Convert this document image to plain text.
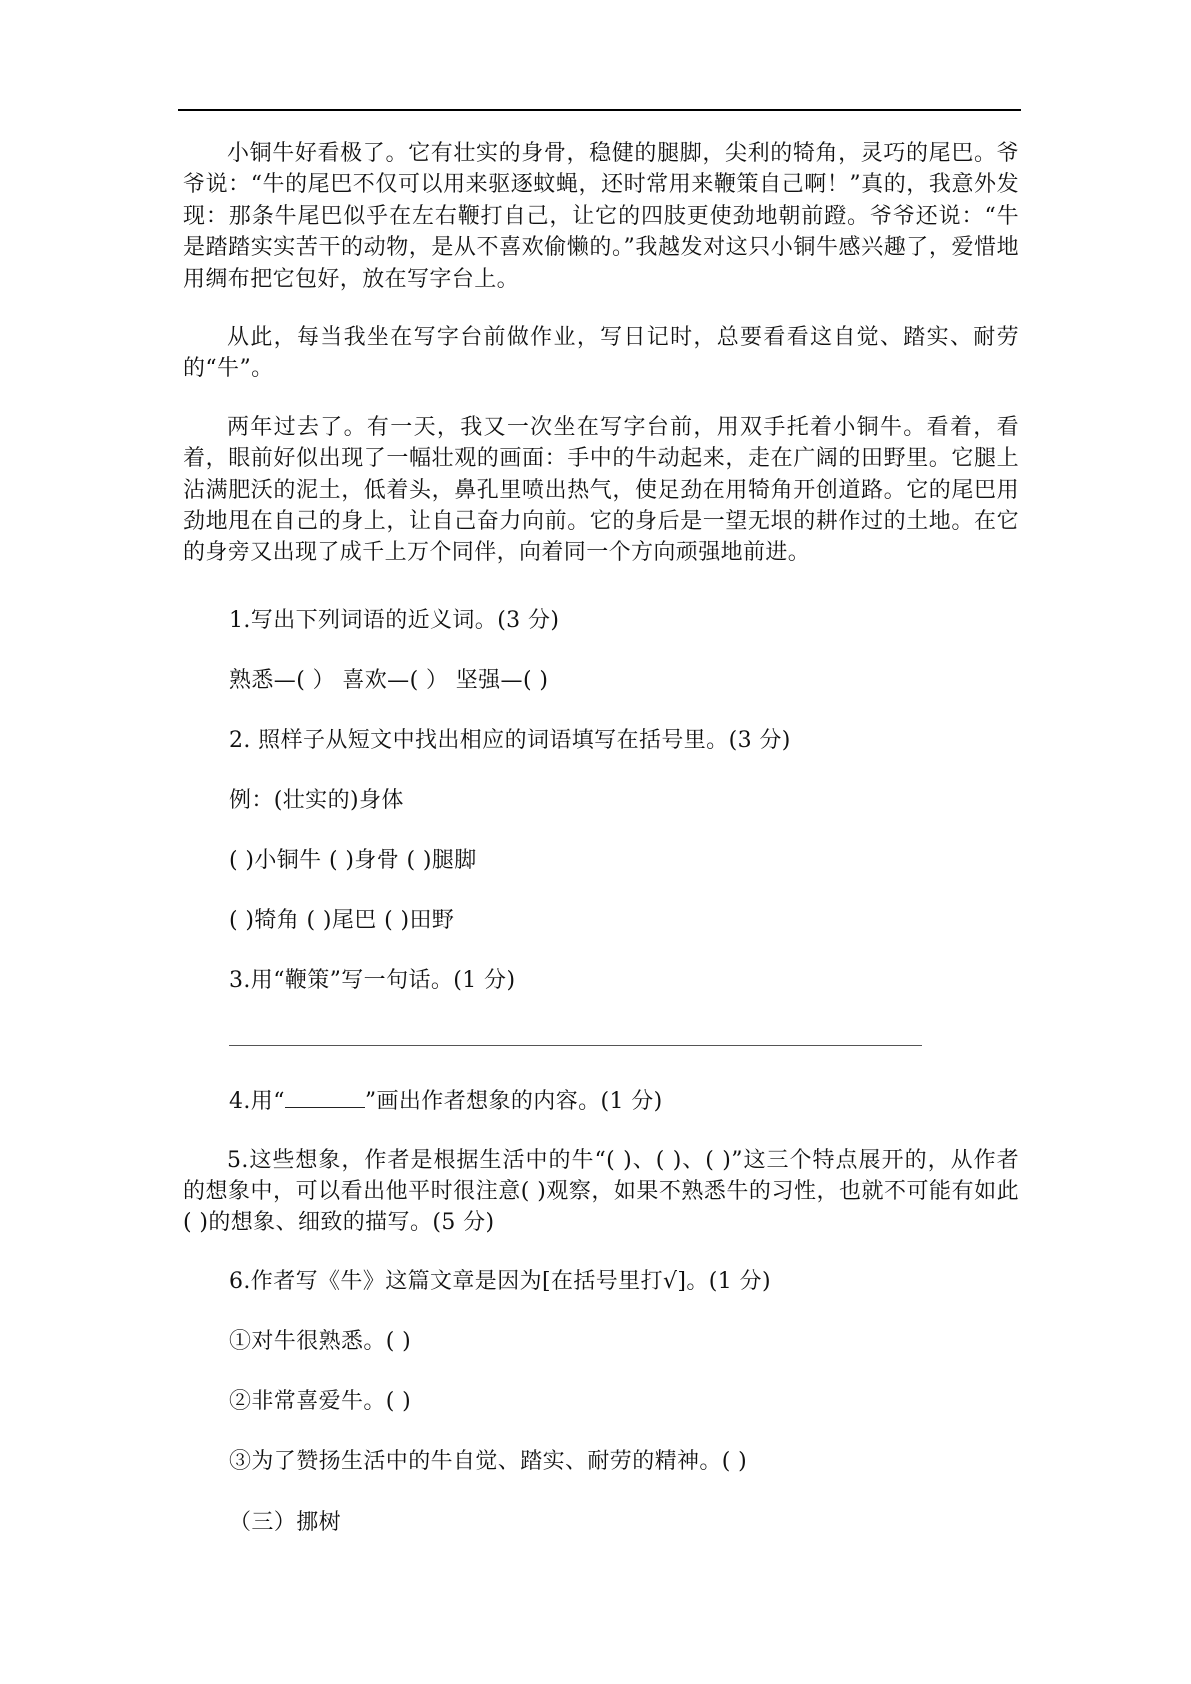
小铜牛好看极了。它有壮实的身骨，稳健的腿脚，尖利的犄角，灵巧的尾巴。爷爷说：“牛的尾巴不仅可以用来驱逐蚊蝇，还时常用来鞭策自己啊！”真的，我意外发现：那条牛尾巴似乎在左右鞭打自己，让它的四肢更使劲地朝前蹬。爷爷还说：“牛是踏踏实实苦干的动物，是从不喜欢偷懒的。”我越发对这只小铜牛感兴趣了，爱惜地用绸布把它包好，放在写字台上。

从此，每当我坐在写字台前做作业，写日记时，总要看看这自觉、踏实、耐劳的“牛”。

两年过去了。有一天，我又一次坐在写字台前，用双手托着小铜牛。看着，看着，眼前好似出现了一幅壮观的画面：手中的牛动起来，走在广阔的田野里。它腿上沾满肥沃的泥土，低着头，鼻孔里喷出热气，使足劲在用犄角开创道路。它的尾巴用劲地甩在自己的身上，让自己奋力向前。它的身后是一望无垠的耕作过的土地。在它的身旁又出现了成千上万个同伴，向着同一个方向顽强地前进。

1.写出下列词语的近义词。(3 分)

熟悉—( ） 喜欢—( ） 坚强—( )

2. 照样子从短文中找出相应的词语填写在括号里。(3 分)

例：(壮实的)身体

( )小铜牛 ( )身骨 ( )腿脚

( )犄角 ( )尾巴 ( )田野

3.用“鞭策”写一句话。(1 分)

4.用“	”画出作者想象的内容。(1 分)

5.这些想象，作者是根据生活中的牛“( )、( )、( )”这三个特点展开的，从作者的想象中，可以看出他平时很注意( )观察，如果不熟悉牛的习性，也就不可能有如此( )的想象、细致的描写。(5 分)

6.作者写《牛》这篇文章是因为[在括号里打√]。(1 分)

①对牛很熟悉。( )

②非常喜爱牛。( )

③为了赞扬生活中的牛自觉、踏实、耐劳的精神。( )

（三）挪树
